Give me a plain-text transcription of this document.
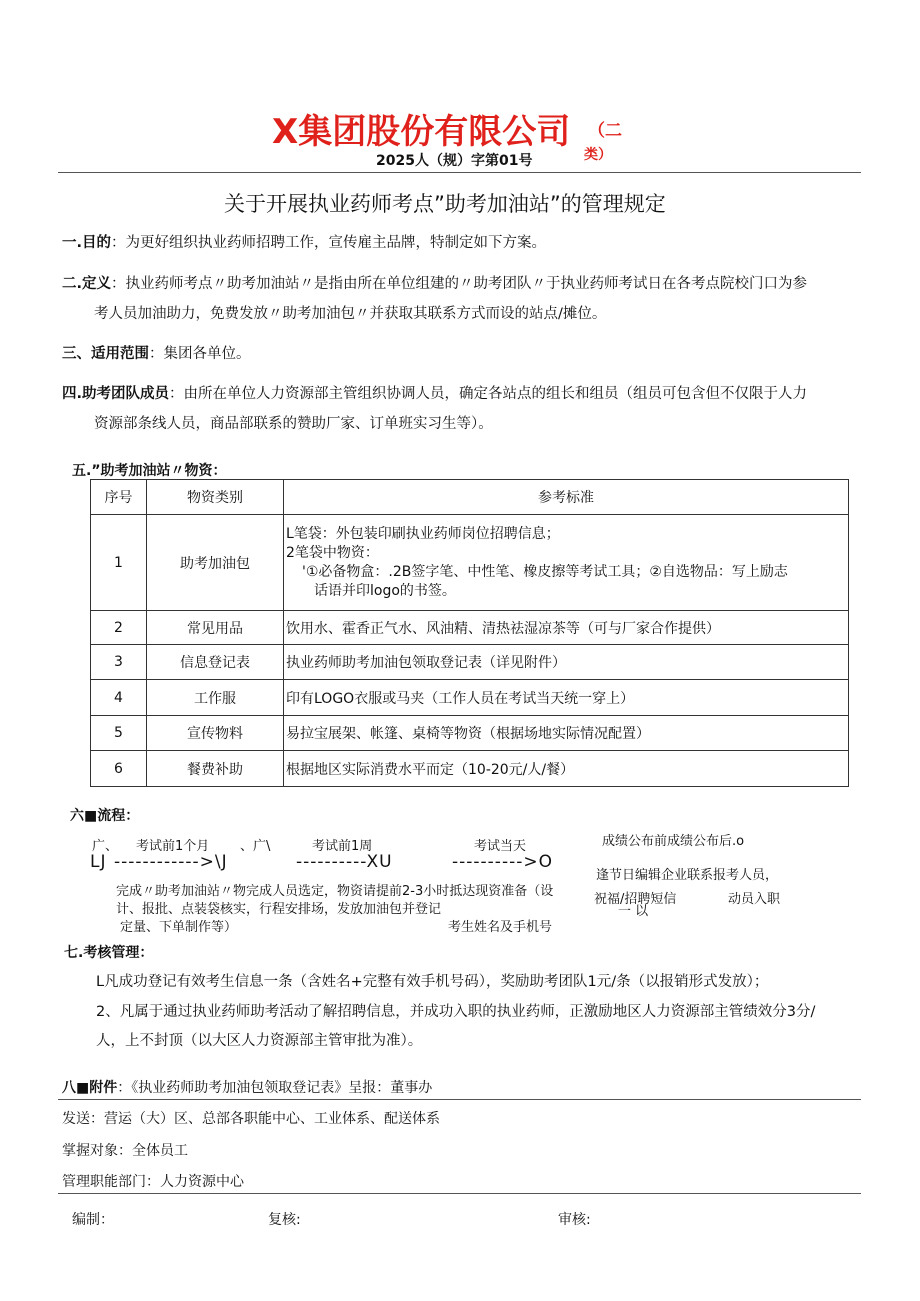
X集团股份有限公司 （二
类）
2025人（规）字第01号
关于开展执业药师考点”助考加油站”的管理规定
一.目的：为更好组织执业药师招聘工作，宣传雇主品牌，特制定如下方案。
二.定义：执业药师考点〃助考加油站〃是指由所在单位组建的〃助考团队〃于执业药师考试日在各考点院校门口为参
考人员加油助力，免费发放〃助考加油包〃并获取其联系方式而设的站点/摊位。
三、适用范围：集团各单位。
四.助考团队成员：由所在单位人力资源部主管组织协调人员，确定各站点的组长和组员（组员可包含但不仅限于人力
资源部条线人员，商品部联系的赞助厂家、订单班实习生等）。
五.”助考加油站〃物资：
序号	物资类别	参考标准
1	助考加油包	L笔袋：外包装印刷执业药师岗位招聘信息；
2笔袋中物资：
'①必备物盒：.2B签字笔、中性笔、橡皮擦等考试工具；②自选物品：写上励志
话语并印logo的书签。

2	常见用品	饮用水、霍香正气水、风油精、清热祛湿凉茶等（可与厂家合作提供）
3	信息登记表	执业药师助考加油包领取登记表（详见附件）
4	工作服	印有LOGO衣服或马夹（工作人员在考试当天统一穿上）
5	宣传物料	易拉宝展架、帐篷、桌椅等物资（根据场地实际情况配置）
6	餐费补助	根据地区实际消费水平而定（10-20元/人/餐）
六■流程：
广、 考试前1个月 、广\	考试前1周	考试当天	成绩公布前成绩公布后.o
LJ ------------>\J	----------XU	---------->O
完成〃助考加油站〃物完成人员选定，物资请提前2-3小时抵达现资准备（设
计、报批、点装袋核实，行程安排场，发放加油包并登记
定量、下单制作等）	考生姓名及手机号
逢节日编辑企业联系报考人员，
祝福/招聘短信	动员入职
一 以
七.考核管理：
L凡成功登记有效考生信息一条（含姓名+完整有效手机号码），奖励助考团队1元/条（以报销形式发放）；
2、凡属于通过执业药师助考活动了解招聘信息，并成功入职的执业药师，正激励地区人力资源部主管绩效分3分/
人，上不封顶（以大区人力资源部主管审批为准）。
八■附件：《执业药师助考加油包领取登记表》呈报：董事办
发送：营运（大）区、总部各职能中心、工业体系、配送体系
掌握对象：全体员工
管理职能部门：人力资源中心
编制：	复核:	审核:
